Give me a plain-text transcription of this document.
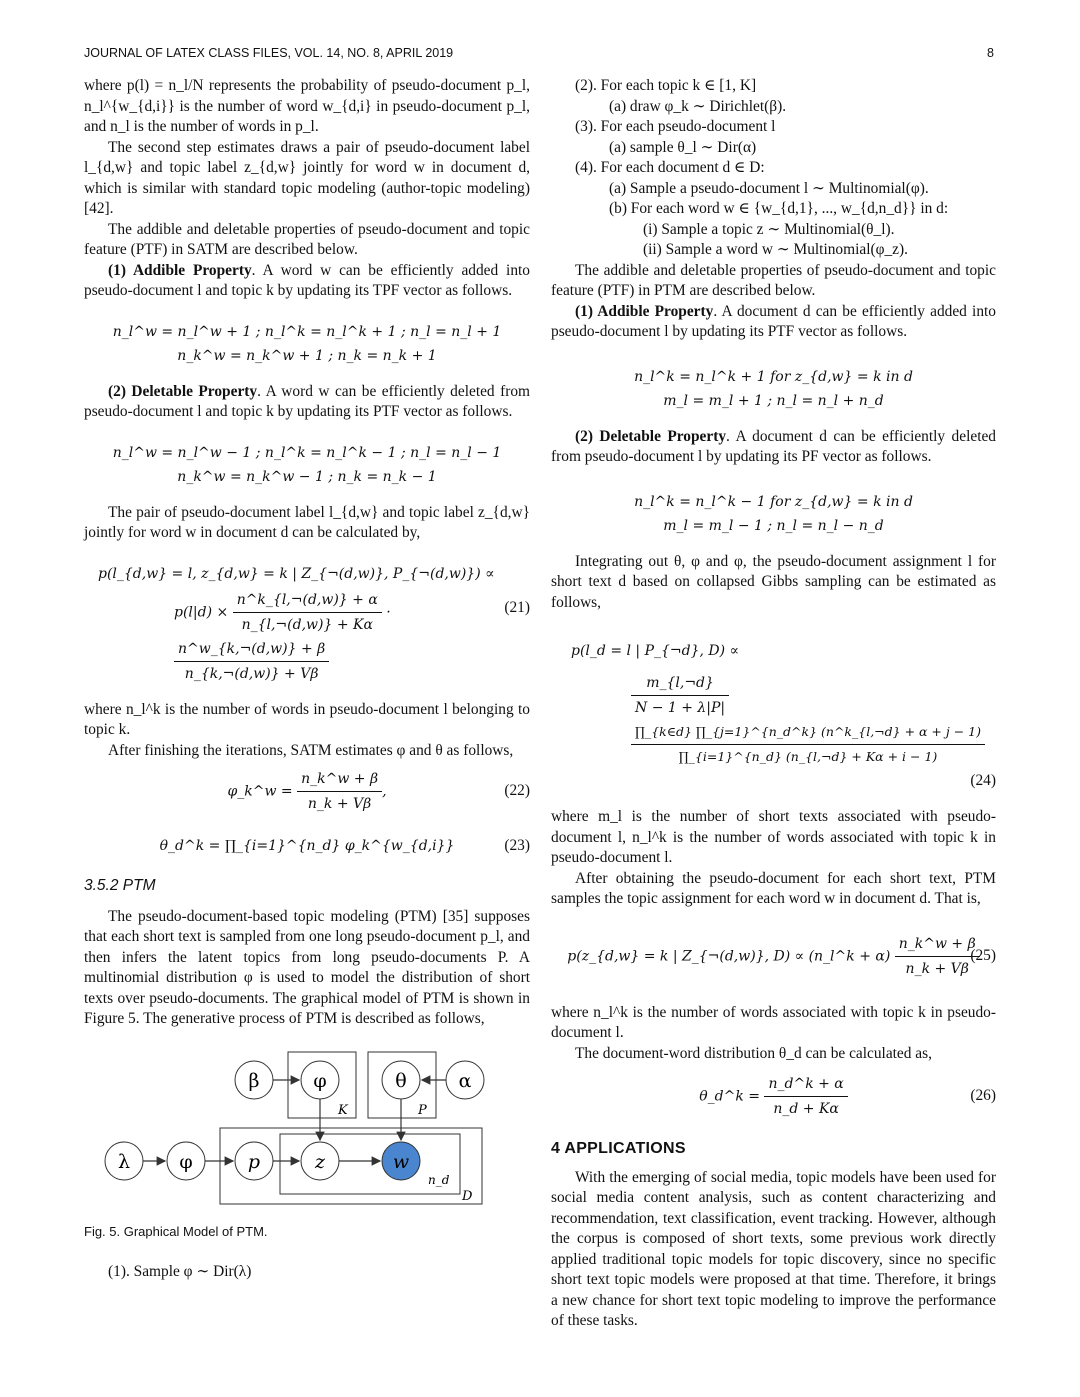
JOURNAL OF LATEX CLASS FILES, VOL. 14, NO. 8, APRIL 2019	8

where p(l) = n_l/N represents the probability of pseudo-document p_l, n_l^{w_{d,i}} is the number of word w_{d,i} in pseudo-document p_l, and n_l is the number of words in p_l.

The second step estimates draws a pair of pseudo-document label l_{d,w} and topic label z_{d,w} jointly for word w in document d, which is similar with standard topic modeling (author-topic modeling) [42].

The addible and deletable properties of pseudo-document and topic feature (PTF) in SATM are described below.

(1) Addible Property. A word w can be efficiently added into pseudo-document l and topic k by updating its TPF vector as follows.

n_l^w = n_l^w + 1 ; n_l^k = n_l^k + 1 ; n_l = n_l + 1
n_k^w = n_k^w + 1 ; n_k = n_k + 1

(2) Deletable Property. A word w can be efficiently deleted from pseudo-document l and topic k by updating its PTF vector as follows.

n_l^w = n_l^w − 1 ; n_l^k = n_l^k − 1 ; n_l = n_l − 1
n_k^w = n_k^w − 1 ; n_k = n_k − 1

The pair of pseudo-document label l_{d,w} and topic label z_{d,w} jointly for word w in document d can be calculated by,

p(l_{d,w} = l, z_{d,w} = k | Z_{¬(d,w)}, P_{¬(d,w)}) ∝
$p(l|d) \times \frac{n\^{}k\_\{l,\neg(d,w)\} + \alpha}{n\_\{l,\neg(d,w)\} + K\alpha}$ ·
$\frac{n\^{}w\_\{k,\neg(d,w)\} + \beta}{n\_\{k,\neg(d,w)\} + V\beta}$
(21)

where n_l^k is the number of words in pseudo-document l belonging to topic k.

After finishing the iterations, SATM estimates φ and θ as follows,

φ_k^w = $\frac{n\_k\^{}w + \beta}{n\_k + V\beta}$ ,	(22)
θ_d^k = ∏_{i=1}^{n_d} φ_k^{w_{d,i}}	(23)
3.5.2 PTM

The pseudo-document-based topic modeling (PTM) [35] supposes that each short text is sampled from one long pseudo-document p_l, and then infers the latent topics from long pseudo-documents P. A multinomial distribution φ is used to model the distribution of short texts over pseudo-documents. The graphical model of PTM is shown in Figure 5. The generative process of PTM is described as follows,

K	P
n_d
D
β	φ	θ	α
λ	φ	p	z	w
Fig. 5. Graphical Model of PTM.

(1). Sample φ ∼ Dir(λ)

(2). For each topic k ∈ [1, K]

(a) draw φ_k ∼ Dirichlet(β).

(3). For each pseudo-document l

(a) sample θ_l ∼ Dir(α)

(4). For each document d ∈ D:

(a) Sample a pseudo-document l ∼ Multinomial(φ).

(b) For each word w ∈ {w_{d,1}, ..., w_{d,n_d}} in d:

(i) Sample a topic z ∼ Multinomial(θ_l).

(ii) Sample a word w ∼ Multinomial(φ_z).

The addible and deletable properties of pseudo-document and topic feature (PTF) in PTM are described below.

(1) Addible Property. A document d can be efficiently added into pseudo-document l by updating its PTF vector as follows.

n_l^k = n_l^k + 1 for z_{d,w} = k in d
m_l = m_l + 1 ; n_l = n_l + n_d

(2) Deletable Property. A document d can be efficiently deleted from pseudo-document l by updating its PF vector as follows.

n_l^k = n_l^k − 1 for z_{d,w} = k in d
m_l = m_l − 1 ; n_l = n_l − n_d

Integrating out θ, φ and φ, the pseudo-document assignment l for short text d based on collapsed Gibbs sampling can be estimated as follows,

p(l_d = l | P_{¬d}, D) ∝
$\frac{m\_\{l,\neg d\}}{N - 1 + \lambda|P|}$

$\frac{\prod\_\{k\in d\} \prod\_\{j=1\}\^{}\{n\_d\^{}k\} (n\^{}k\_\{l,\neg d\} + \alpha + j - 1)}{\prod\_\{i=1\}\^{}\{n\_d\} (n\_\{l,\neg d\} + K\alpha + i - 1)}$
(24)

where m_l is the number of short texts associated with pseudo-document l, n_l^k is the number of words associated with topic k in pseudo-document l.

After obtaining the pseudo-document for each short text, PTM samples the topic assignment for each word w in document d. That is,

p(z_{d,w} = k | Z_{¬(d,w)}, D) ∝ (n_l^k + $\alpha) \frac{n\_k\^{}w + \beta}{n\_k + V\beta}$
(25)

where n_l^k is the number of words associated with topic k in pseudo-document l.

The document-word distribution θ_d can be calculated as,

θ_d^k = $\frac{n\_d\^{}k + \alpha}{n\_d + K\alpha}$	(26)
4 APPLICATIONS

With the emerging of social media, topic models have been used for social media content analysis, such as content characterizing and recommendation, text classification, event tracking. However, although the corpus is composed of short texts, some previous work directly applied traditional topic models for topic discovery, since no specific short text topic models were proposed at that time. Therefore, it brings a new chance for short text topic modeling to improve the performance of these tasks.
